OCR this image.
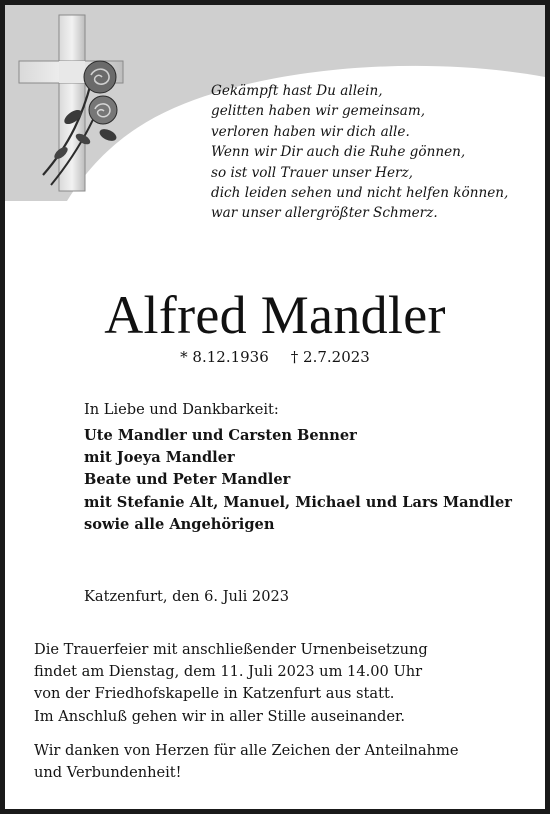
Gekämpft hast Du allein,
gelitten haben wir gemeinsam,
verloren haben wir dich alle.
Wenn wir Dir auch die Ruhe gönnen,
so ist voll Trauer unser Herz,
dich leiden sehen und nicht helfen können,
war unser allergrößter Schmerz.
Alfred Mandler
* 8.12.1936 † 2.7.2023
In Liebe und Dankbarkeit:
Ute Mandler und Carsten Benner
mit Joeya Mandler
Beate und Peter Mandler
mit Stefanie Alt, Manuel, Michael und Lars Mandler
sowie alle Angehörigen
Katzenfurt, den 6. Juli 2023
Die Trauerfeier mit anschließender Urnenbeisetzung
findet am Dienstag, dem 11. Juli 2023 um 14.00 Uhr
von der Friedhofskapelle in Katzenfurt aus statt.
Im Anschluß gehen wir in aller Stille auseinander.
Wir danken von Herzen für alle Zeichen der Anteilnahme
und Verbundenheit!
